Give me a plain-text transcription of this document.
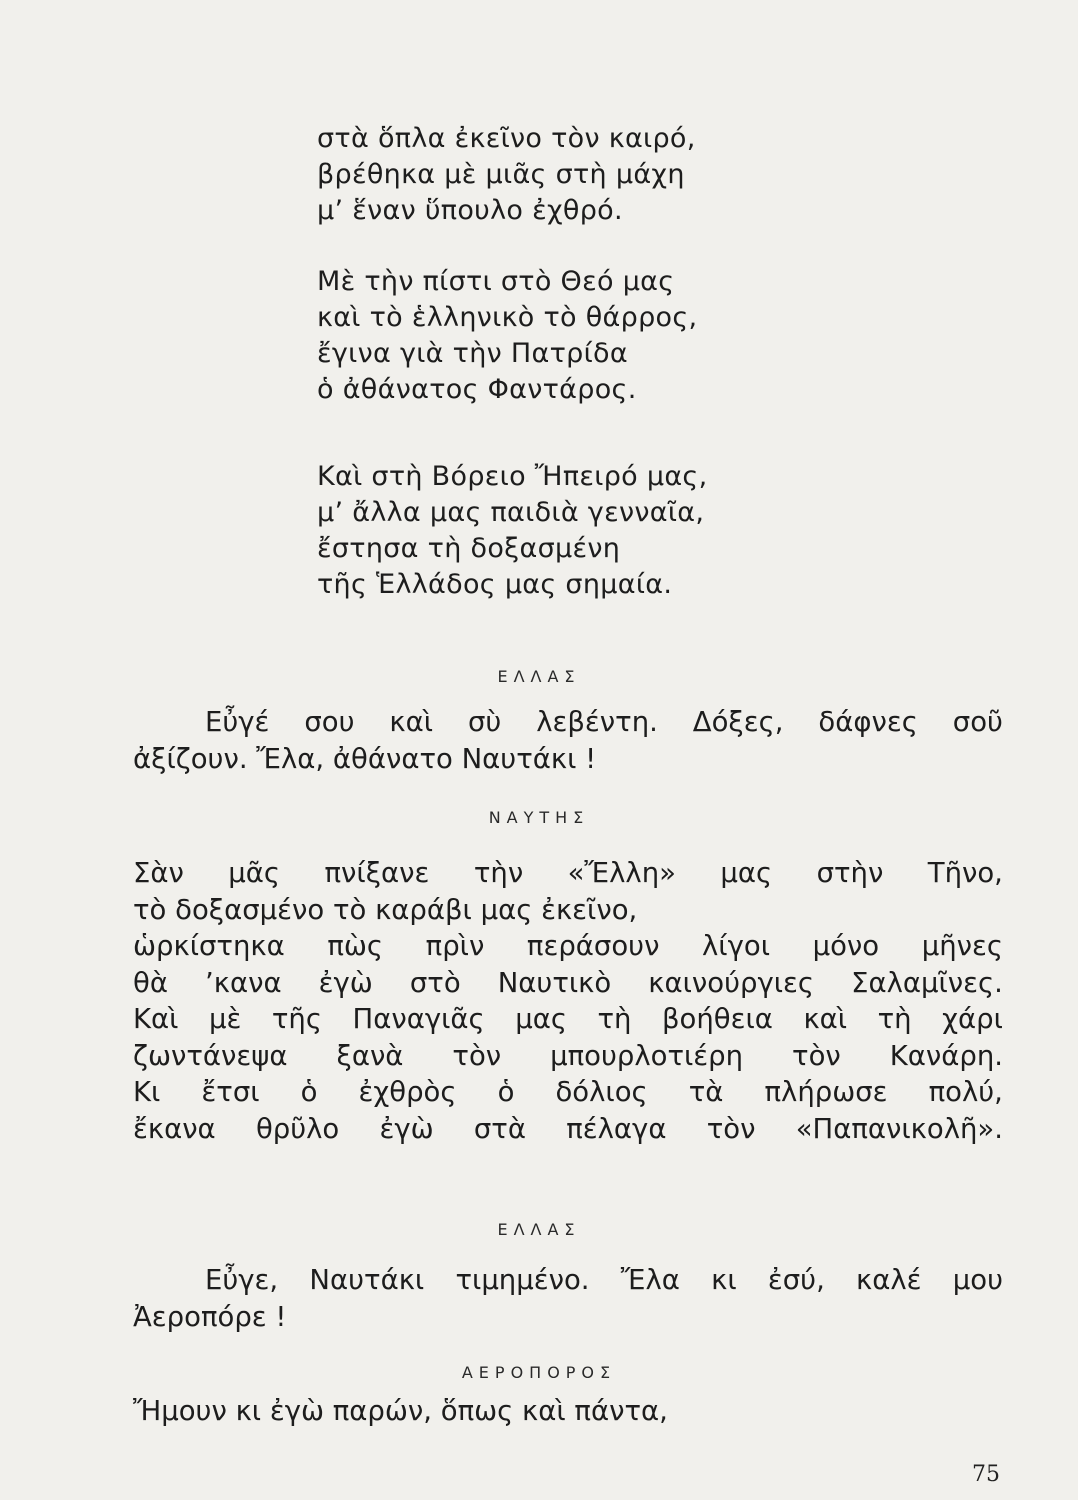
στὰ ὅπλα ἐκεῖνο τὸν καιρό,
βρέθηκα μὲ μιᾶς στὴ μάχη
μ’ ἕναν ὕπουλο ἐχθρό.
Μὲ τὴν πίστι στὸ Θεό μας
καὶ τὸ ἑλληνικὸ τὸ θάρρος,
ἔγινα γιὰ τὴν Πατρίδα
ὁ ἀθάνατος Φαντάρος.
Καὶ στὴ Βόρειο Ἤπειρό μας,
μ’ ἄλλα μας παιδιὰ γενναῖα,
ἔστησα τὴ δοξασμένη
τῆς Ἑλλάδος μας σημαία.
ΕΛΛΑΣ
Εὖγέ σου καὶ σὺ λεβέντη. Δόξες, δάφνες σοῦ
ἀξίζουν. Ἔλα, ἀθάνατο Ναυτάκι !
ΝΑΥΤΗΣ
Σὰν μᾶς πνίξανε τὴν «Ἔλλη» μας στὴν Τῆνο,
τὸ δοξασμένο τὸ καράβι μας ἐκεῖνο,
ὡρκίστηκα πὼς πρὶν περάσουν λίγοι μόνο μῆνες
θὰ ’κανα ἐγὼ στὸ Ναυτικὸ καινούργιες Σαλαμῖνες.
Καὶ μὲ τῆς Παναγιᾶς μας τὴ βοήθεια καὶ τὴ χάρι
ζωντάνεψα ξανὰ τὸν μπουρλοτιέρη τὸν Κανάρη.
Κι ἔτσι ὁ ἐχθρὸς ὁ δόλιος τὰ πλήρωσε πολύ,
ἔκανα θρῦλο ἐγὼ στὰ πέλαγα τὸν «Παπανικολῆ».
ΕΛΛΑΣ
Εὖγε, Ναυτάκι τιμημένο. Ἔλα κι ἐσύ, καλέ μου
Ἀεροπόρε !
ΑΕΡΟΠΟΡΟΣ
Ἤμουν κι ἐγὼ παρών, ὅπως καὶ πάντα,
75
